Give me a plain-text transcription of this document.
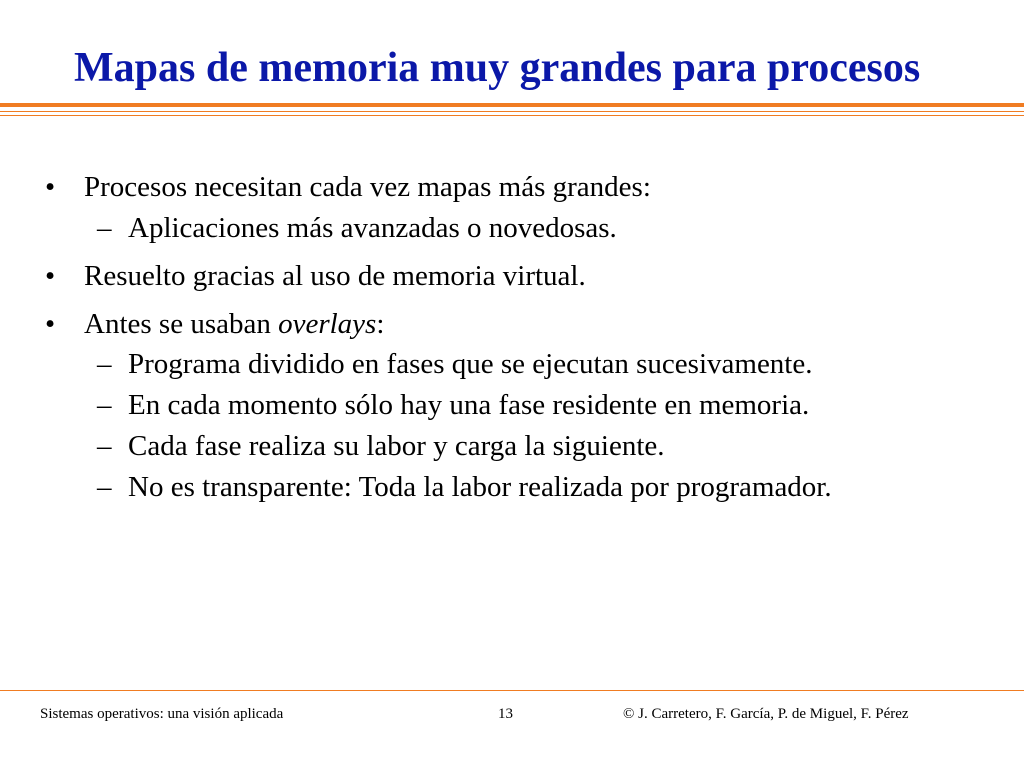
Mapas de memoria muy grandes para procesos
• Procesos necesitan cada vez mapas más grandes:
– Aplicaciones más avanzadas o novedosas.
• Resuelto gracias al uso de memoria virtual.
• Antes se usaban overlays:
– Programa dividido en fases que se ejecutan sucesivamente.
– En cada momento sólo hay una fase residente en memoria.
– Cada fase realiza su labor y carga la siguiente.
– No es transparente: Toda la labor realizada por programador.
Sistemas operativos: una visión aplicada	13	© J. Carretero, F. García, P. de Miguel, F. Pérez
